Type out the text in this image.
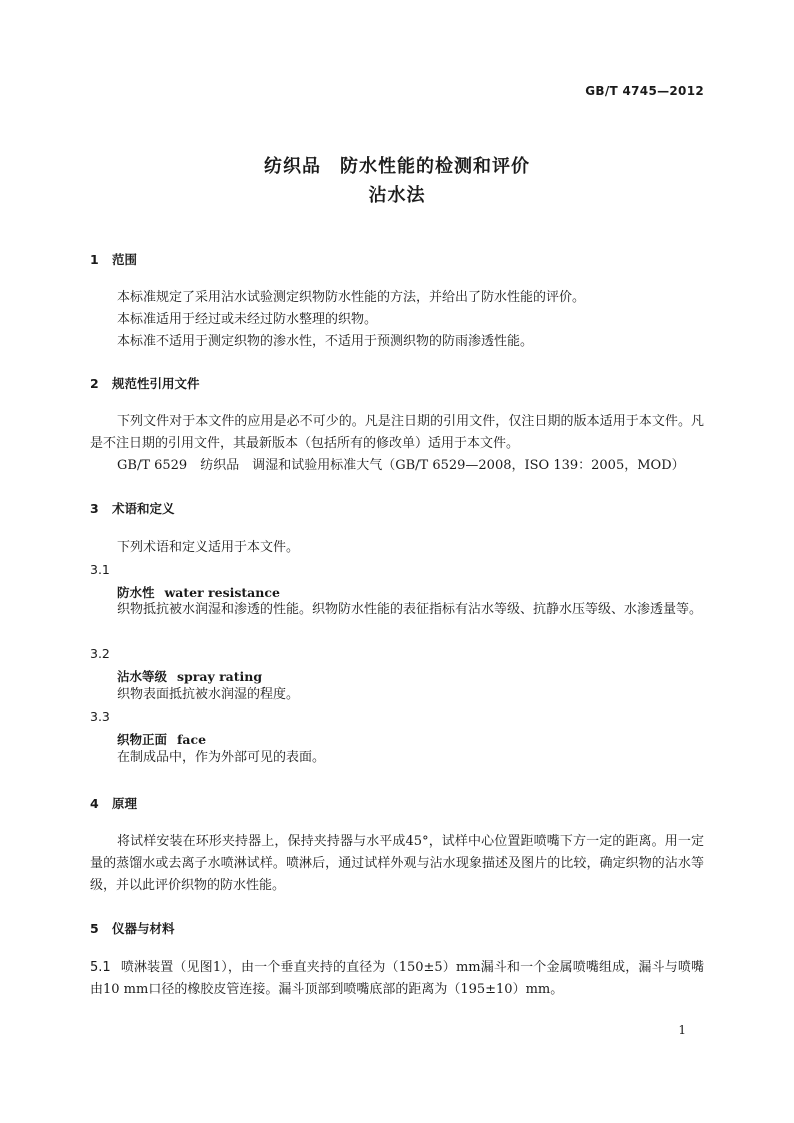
GB/T 4745—2012
纺织品　防水性能的检测和评价
沾水法
1 范围
本标准规定了采用沾水试验测定织物防水性能的方法，并给出了防水性能的评价。
本标准适用于经过或未经过防水整理的织物。
本标准不适用于测定织物的渗水性，不适用于预测织物的防雨渗透性能。
2 规范性引用文件
下列文件对于本文件的应用是必不可少的。凡是注日期的引用文件，仅注日期的版本适用于本文件。凡是不注日期的引用文件，其最新版本（包括所有的修改单）适用于本文件。
GB/T 6529　纺织品　调湿和试验用标准大气（GB/T 6529—2008，ISO 139：2005，MOD）
3 术语和定义
下列术语和定义适用于本文件。
3.1
防水性 water resistance
织物抵抗被水润湿和渗透的性能。织物防水性能的表征指标有沾水等级、抗静水压等级、水渗透量等。
3.2
沾水等级 spray rating
织物表面抵抗被水润湿的程度。
3.3
织物正面 face
在制成品中，作为外部可见的表面。
4 原理
将试样安装在环形夹持器上，保持夹持器与水平成45°，试样中心位置距喷嘴下方一定的距离。用一定量的蒸馏水或去离子水喷淋试样。喷淋后，通过试样外观与沾水现象描述及图片的比较，确定织物的沾水等级，并以此评价织物的防水性能。
5 仪器与材料
5.1 喷淋装置（见图1），由一个垂直夹持的直径为（150±5）mm漏斗和一个金属喷嘴组成，漏斗与喷嘴由10 mm口径的橡胶皮管连接。漏斗顶部到喷嘴底部的距离为（195±10）mm。
1
